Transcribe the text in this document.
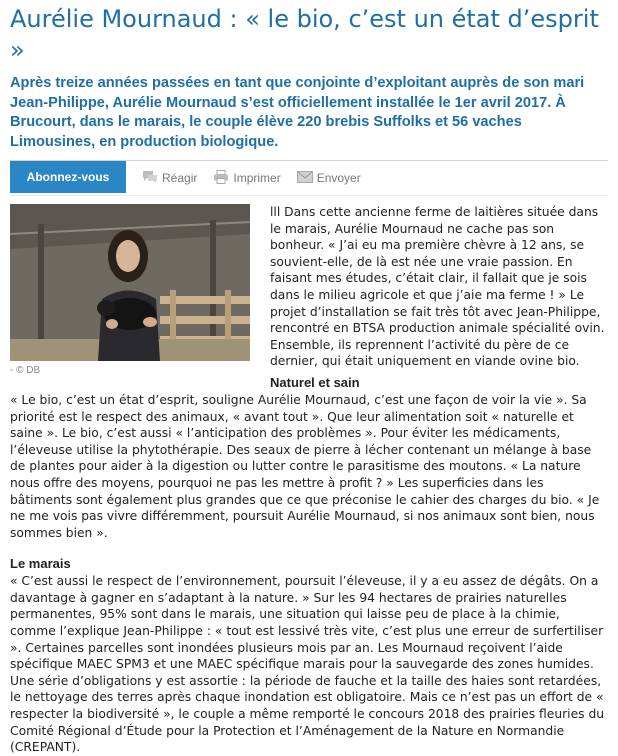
Aurélie Mournaud : « le bio, c’est un état d’esprit »

Après treize années passées en tant que conjointe d’exploitant auprès de son mari Jean-Philippe, Aurélie Mournaud s’est officiellement installée le 1er avril 2017. À Brucourt, dans le marais, le couple élève 220 brebis Suffolks et 56 vaches Limousines, en production biologique.

Abonnez-vous	Réagir	Imprimer	Envoyer
- © DB

lll Dans cette ancienne ferme de laitières située dans le marais, Aurélie Mournaud ne cache pas son bonheur. « J’ai eu ma première chèvre à 12 ans, se souvient-elle, de là est née une vraie passion. En faisant mes études, c’était clair, il fallait que je sois dans le milieu agricole et que j’aie ma ferme ! » Le projet d’installation se fait très tôt avec Jean-Philippe, rencontré en BTSA production animale spécialité ovin. Ensemble, ils reprennent l’activité du père de ce dernier, qui était uniquement en viande ovine bio.

Naturel et sain

« Le bio, c’est un état d’esprit, souligne Aurélie Mournaud, c’est une façon de voir la vie ». Sa priorité est le respect des animaux, « avant tout ». Que leur alimentation soit « naturelle et saine ». Le bio, c’est aussi « l’anticipation des problèmes ». Pour éviter les médicaments, l’éleveuse utilise la phytothérapie. Des seaux de pierre à lécher contenant un mélange à base de plantes pour aider à la digestion ou lutter contre le parasitisme des moutons. « La nature nous offre des moyens, pourquoi ne pas les mettre à profit ? » Les superficies dans les bâtiments sont également plus grandes que ce que préconise le cahier des charges du bio. « Je ne me vois pas vivre différemment, poursuit Aurélie Mournaud, si nos animaux sont bien, nous sommes bien ».

Le marais

« C’est aussi le respect de l’environnement, poursuit l’éleveuse, il y a eu assez de dégâts. On a davantage à gagner en s’adaptant à la nature. » Sur les 94 hectares de prairies naturelles permanentes, 95% sont dans le marais, une situation qui laisse peu de place à la chimie, comme l’explique Jean-Philippe : « tout est lessivé très vite, c’est plus une erreur de surfertiliser ». Certaines parcelles sont inondées plusieurs mois par an. Les Mournaud reçoivent l’aide spécifique MAEC SPM3 et une MAEC spécifique marais pour la sauvegarde des zones humides. Une série d’obligations y est assortie : la période de fauche et la taille des haies sont retardées, le nettoyage des terres après chaque inondation est obligatoire. Mais ce n’est pas un effort de « respecter la biodiversité », le couple a même remporté le concours 2018 des prairies fleuries du Comité Régional d’Étude pour la Protection et l’Aménagement de la Nature en Normandie (CREPANT).
